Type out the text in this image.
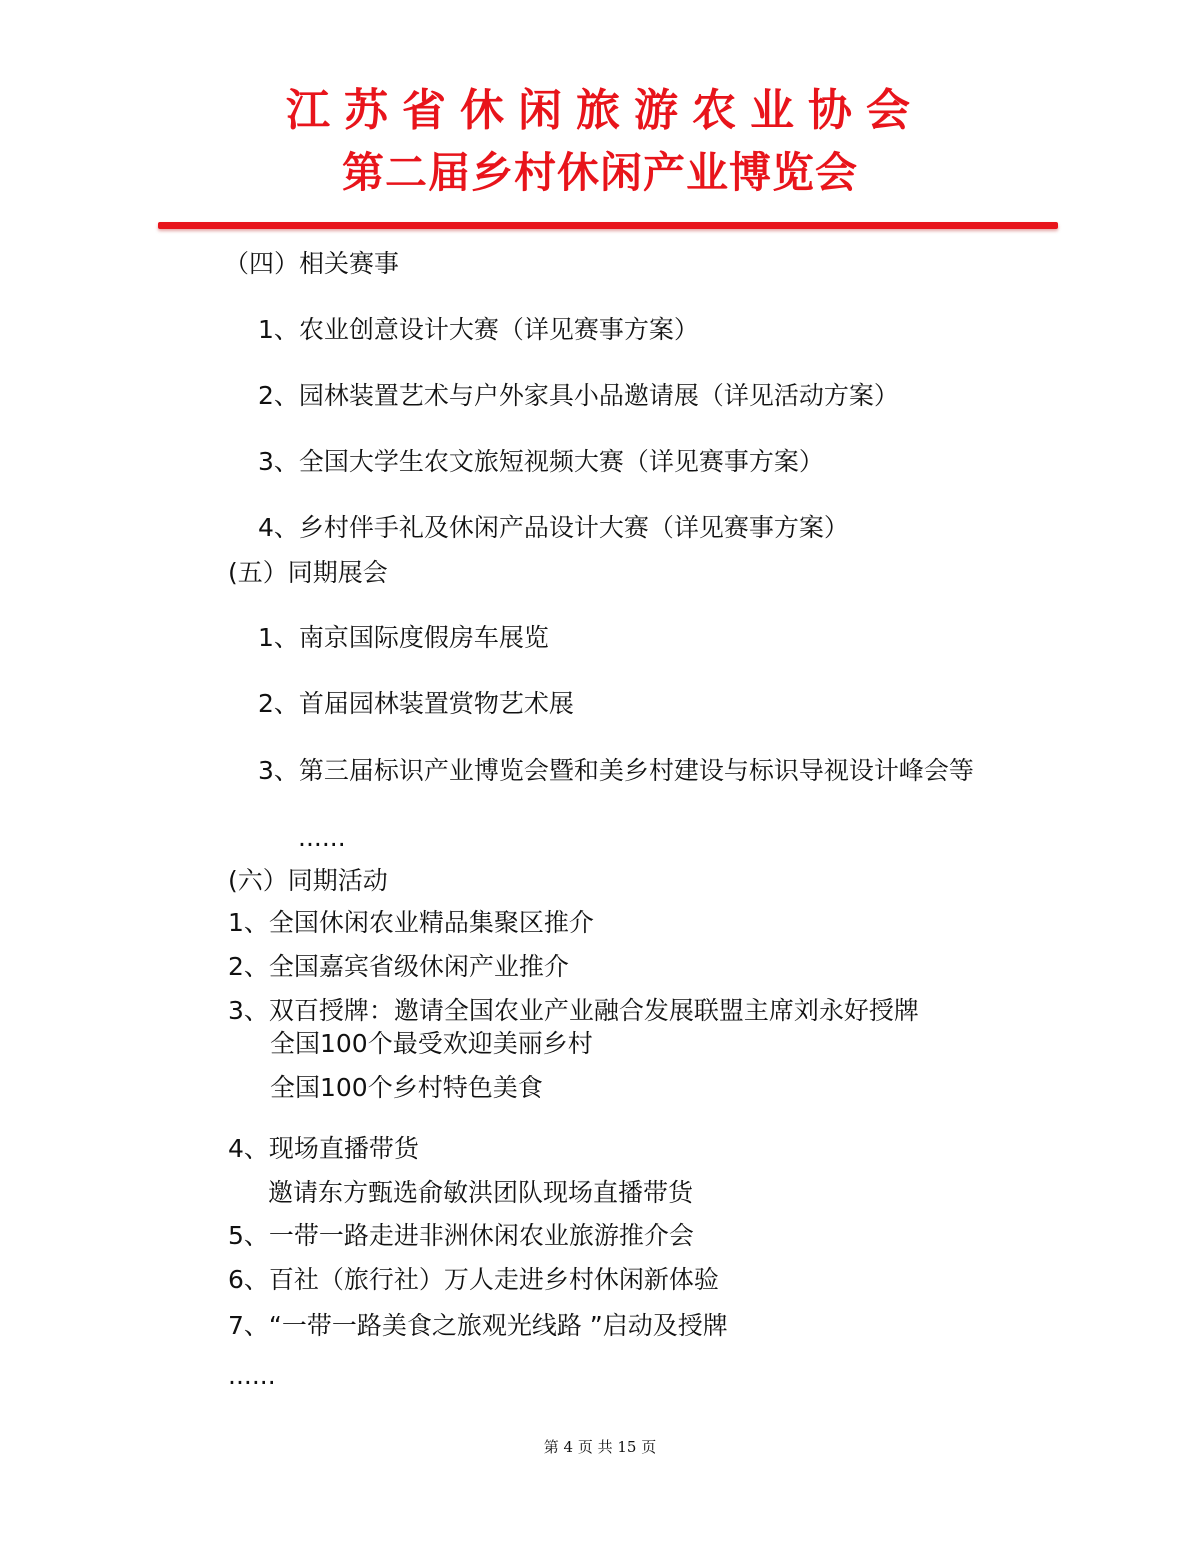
江苏省休闲旅游农业协会
第二届乡村休闲产业博览会
（四）相关赛事
1、农业创意设计大赛（详见赛事方案）
2、园林装置艺术与户外家具小品邀请展（详见活动方案）
3、全国大学生农文旅短视频大赛（详见赛事方案）
4、乡村伴手礼及休闲产品设计大赛（详见赛事方案）
(五）同期展会
1、南京国际度假房车展览
2、首届园林装置赏物艺术展
3、第三届标识产业博览会暨和美乡村建设与标识导视设计峰会等
......
(六）同期活动
1、全国休闲农业精品集聚区推介
2、全国嘉宾省级休闲产业推介
3、双百授牌：邀请全国农业产业融合发展联盟主席刘永好授牌
全国100个最受欢迎美丽乡村
全国100个乡村特色美食
4、现场直播带货
邀请东方甄选俞敏洪团队现场直播带货
5、一带一路走进非洲休闲农业旅游推介会
6、百社（旅行社）万人走进乡村休闲新体验
7、“一带一路美食之旅观光线路 ”启动及授牌
......
第 4 页 共 15 页
